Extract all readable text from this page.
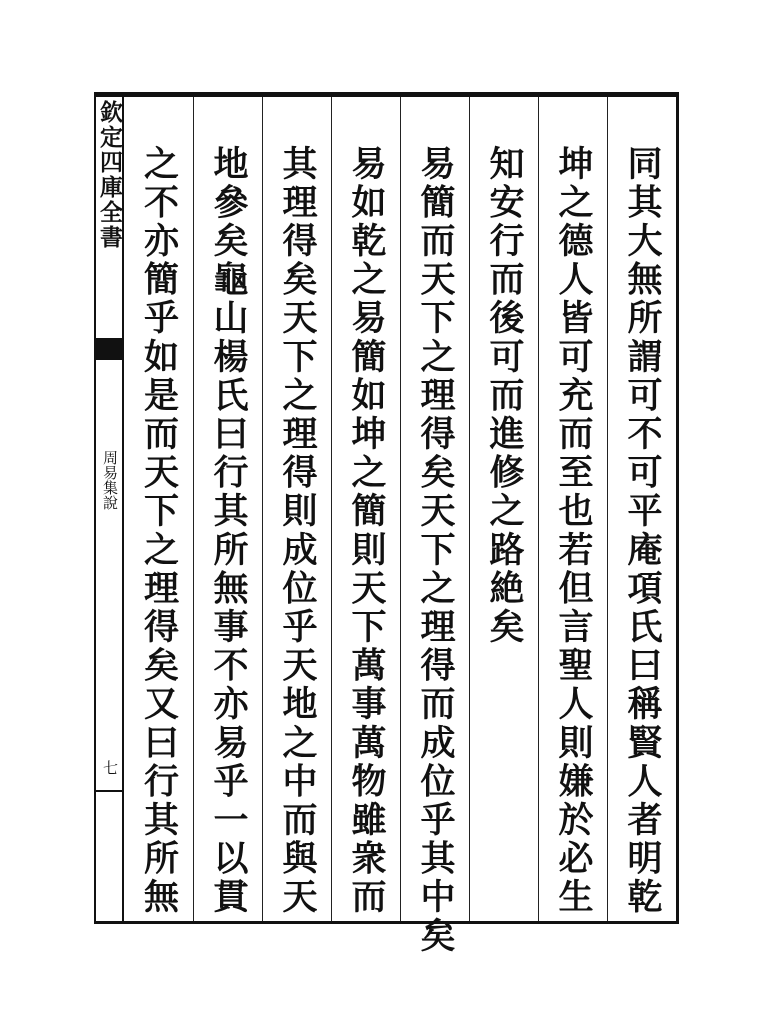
欽定四庫全書
周易集說
七	同其大無所謂可不可平庵項氏曰稱賢人者明乾
坤之德人皆可充而至也若但言聖人則嫌於必生
知安行而後可而進修之路絶矣
易簡而天下之理得矣天下之理得而成位乎其中矣
易如乾之易簡如坤之簡則天下萬事萬物雖衆而
其理得矣天下之理得則成位乎天地之中而與天
地參矣龜山楊氏曰行其所無事不亦易乎一以貫
之不亦簡乎如是而天下之理得矣又曰行其所無
